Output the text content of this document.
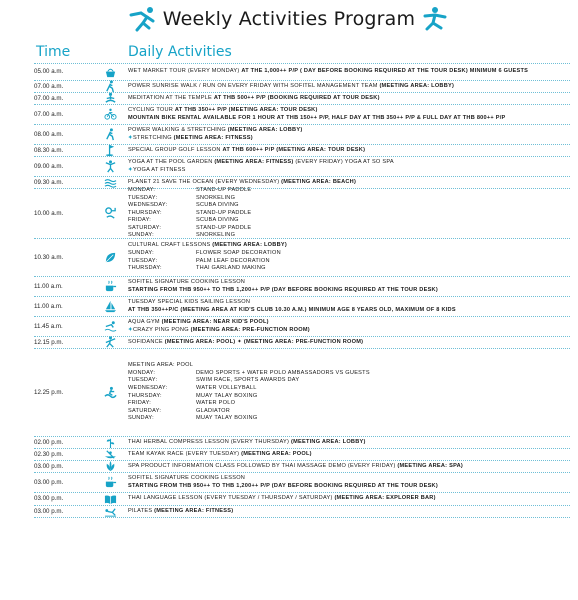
Weekly Activities Program
Time	Daily Activities
05.00 a.m.	WET MARKET TOUR (EVERY MONDAY) AT THE 1,000++ P/P ( DAY BEFORE BOOKING REQUIRED AT THE TOUR DESK) MINIMUM 6 GUESTS
07.00 a.m.	POWER SUNRISE WALK / RUN ON EVERY FRIDAY WITH SOFITEL MANAGEMENT TEAM (MEETING AREA: LOBBY)
07.00 a.m.	MEDITATION AT THE TEMPLE AT THB 500++ P/P (BOOKING REQUIRED AT TOUR DESK)
07.00 a.m.
CYCLING TOUR AT THB 350++ P/P (MEETING AREA: TOUR DESK)
MOUNTAIN BIKE RENTAL AVAILABLE FOR 1 HOUR AT THB 150++ P/P, HALF DAY AT THB 350++ P/P & FULL DAY AT THB 800++ P/P
08.00 a.m.
POWER WALKING & STRETCHING (MEETING AREA: LOBBY)
✦STRETCHING (MEETING AREA: FITNESS)
08.30 a.m.	SPECIAL GROUP GOLF LESSON AT THB 600++ P/P (MEETING AREA: TOUR DESK)
09.00 a.m.
YOGA AT THE POOL GARDEN (MEETING AREA: FITNESS) (EVERY FRIDAY) YOGA AT SO SPA
✦YOGA AT FITNESS
09.30 a.m.	PLANET 21 SAVE THE OCEAN (EVERY WEDNESDAY) (MEETING AREA: BEACH)
10.00 a.m.
MONDAY:	STAND-UP PADDLE
TUESDAY:	SNORKELING
WEDNESDAY:	SCUBA DIVING
THURSDAY:	STAND-UP PADDLE
FRIDAY:	SCUBA DIVING
SATURDAY:	STAND-UP PADDLE
SUNDAY:	SNORKELING
10.30 a.m.
CULTURAL CRAFT LESSONS (MEETING AREA: LOBBY)
SUNDAY:	FLOWER SOAP DECORATION
TUESDAY:	PALM LEAF DECORATION
THURSDAY:	THAI GARLAND MAKING
11.00 a.m.
SOFITEL SIGNATURE COOKING LESSON
STARTING FROM THB 950++ TO THB 1,200++ P/P (DAY BEFORE BOOKING REQUIRED AT THE TOUR DESK)
11.00 a.m.
TUESDAY SPECIAL KIDS SAILING LESSON
AT THB 350++P/C (MEETING AREA AT KID'S CLUB 10.30 A.M.) MINIMUM AGE 8 YEARS OLD, MAXIMUM OF 8 KIDS
11.45 a.m.
AQUA GYM (MEETING AREA: NEAR KID'S POOL)
✦CRAZY PING PONG (MEETING AREA: PRE-FUNCTION ROOM)
12.15 p.m.	SOFIDANCE (MEETING AREA: POOL) ✦ (MEETING AREA: PRE-FUNCTION ROOM)
12.25 p.m.
MEETING AREA: POOL
MONDAY:	DEMO SPORTS + WATER POLO AMBASSADORS VS GUESTS
TUESDAY:	SWIM RACE, SPORTS AWARDS DAY
WEDNESDAY:	WATER VOLLEYBALL
THURSDAY:	MUAY TALAY BOXING
FRIDAY:	WATER POLO
SATURDAY:	GLADIATOR
SUNDAY:	MUAY TALAY BOXING
02.00 p.m.	THAI HERBAL COMPRESS LESSON (EVERY THURSDAY) (MEETING AREA: LOBBY)
02.30 p.m.	TEAM KAYAK RACE (EVERY TUESDAY) (MEETING AREA: POOL)
03.00 p.m.	SPA PRODUCT INFORMATION CLASS FOLLOWED BY THAI MASSAGE DEMO (EVERY FRIDAY) (MEETING AREA: SPA)
03.00 p.m.
SOFITEL SIGNATURE COOKING LESSON
STARTING FROM THB 950++ TO THB 1,200++ P/P (DAY BEFORE BOOKING REQUIRED AT THE TOUR DESK)
03.00 p.m.	THAI LANGUAGE LESSON (EVERY TUESDAY / THURSDAY / SATURDAY) (MEETING AREA: EXPLORER BAR)
03.00 p.m.	PILATES (MEETING AREA: FITNESS)
